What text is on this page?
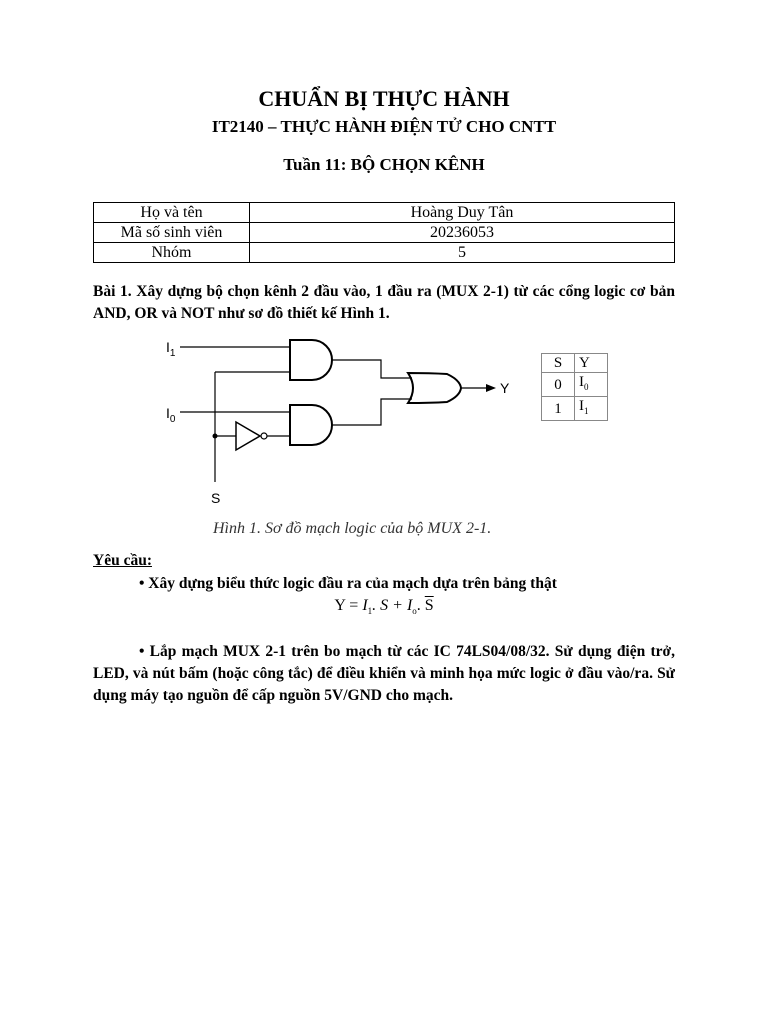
CHUẨN BỊ THỰC HÀNH
IT2140 – THỰC HÀNH ĐIỆN TỬ CHO CNTT
Tuần 11: BỘ CHỌN KÊNH
Họ và tên	Hoàng Duy Tân
Mã số sinh viên	20236053
Nhóm	5
Bài 1. Xây dựng bộ chọn kênh 2 đầu vào, 1 đầu ra (MUX 2-1) từ các cổng logic cơ bản AND, OR và NOT như sơ đồ thiết kế Hình 1.
$I_1$
$I_0$
S
Y
S	Y
0	$I_0$
1	$I_1$
Hình 1. Sơ đồ mạch logic của bộ MUX 2-1.
Yêu cầu:
• Xây dựng biểu thức logic đầu ra của mạch dựa trên bảng thật
$Y = I_1$. $S + I_o$. $\overline{S}$
• Lắp mạch MUX 2-1 trên bo mạch từ các IC 74LS04/08/32. Sử dụng điện trở, LED, và nút bấm (hoặc công tắc) để điều khiển và minh họa mức logic ở đầu vào/ra. Sử dụng máy tạo nguồn để cấp nguồn 5V/GND cho mạch.
